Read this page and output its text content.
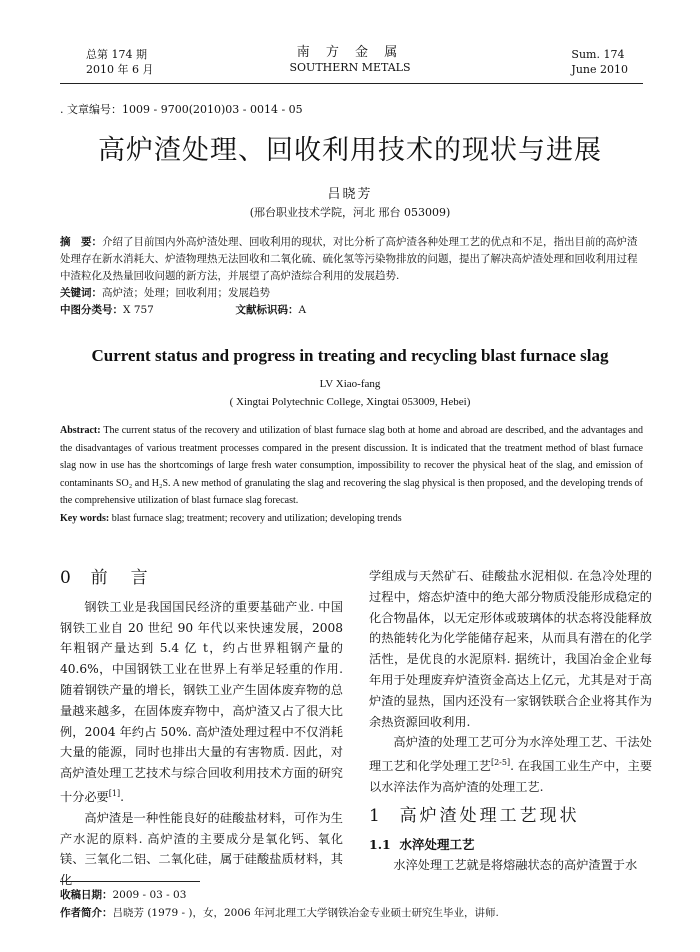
总第 174 期
2010 年 6 月
南 方 金 属
SOUTHERN METALS
Sum. 174
June 2010
. 文章编号：1009 - 9700(2010)03 - 0014 - 05
高炉渣处理、回收利用技术的现状与进展
吕晓芳
(邢台职业技术学院，河北 邢台 053009)
摘　要：介绍了目前国内外高炉渣处理、回收利用的现状，对比分析了高炉渣各种处理工艺的优点和不足，指出目前的高炉渣处理存在新水消耗大、炉渣物理热无法回收和二氧化硫、硫化氢等污染物排放的问题，提出了解决高炉渣处理和回收利用过程中渣粒化及热量回收问题的新方法，并展望了高炉渣综合利用的发展趋势.
关键词：高炉渣；处理；回收利用；发展趋势
中图分类号：X 757	文献标识码：A
Current status and progress in treating and recycling blast furnace slag
LV Xiao-fang
( Xingtai Polytechnic College, Xingtai 053009, Hebei)
Abstract: The current status of the recovery and utilization of blast furnace slag both at home and abroad are described, and the advantages and the disadvantages of various treatment processes compared in the present discussion. It is indicated that the treatment method of blast furnace slag now in use has the shortcomings of large fresh water consumption, impossibility to recover the physical heat of the slag, and emission of contaminants SO₂ and H₂S. A new method of granulating the slag and recovering the slag physical is then proposed, and the developing trends of the comprehensive utilization of blast furnace slag forecast.
Key words: blast furnace slag; treatment; recovery and utilization; developing trends
0 前　言

钢铁工业是我国国民经济的重要基础产业. 中国钢铁工业自 20 世纪 90 年代以来快速发展，2008 年粗钢产量达到 5.4 亿 t，约占世界粗钢产量的 40.6%，中国钢铁工业在世界上有举足轻重的作用. 随着钢铁产量的增长，钢铁工业产生固体废弃物的总量越来越多，在固体废弃物中，高炉渣又占了很大比例，2004 年约占 50%. 高炉渣处理过程中不仅消耗大量的能源，同时也排出大量的有害物质. 因此，对高炉渣处理工艺技术与综合回收利用技术方面的研究十分必要[1].

高炉渣是一种性能良好的硅酸盐材料，可作为生产水泥的原料. 高炉渣的主要成分是氧化钙、氧化镁、三氧化二铝、二氧化硅，属于硅酸盐质材料，其化

学组成与天然矿石、硅酸盐水泥相似. 在急冷处理的过程中，熔态炉渣中的绝大部分物质没能形成稳定的化合物晶体，以无定形体或玻璃体的状态将没能释放的热能转化为化学能储存起来，从而具有潜在的化学活性，是优良的水泥原料. 据统计，我国冶金企业每年用于处理废弃炉渣资金高达上亿元，尤其是对于高炉渣的显热，国内还没有一家钢铁联合企业将其作为余热资源回收利用.

高炉渣的处理工艺可分为水淬处理工艺、干法处理工艺和化学处理工艺[2-5]. 在我国工业生产中，主要以水淬法作为高炉渣的处理工艺.

1 高炉渣处理工艺现状
1.1 水淬处理工艺

水淬处理工艺就是将熔融状态的高炉渣置于水

收稿日期：2009 - 03 - 03
作者简介：吕晓芳 (1979 - )，女，2006 年河北理工大学钢铁冶金专业硕士研究生毕业，讲师.
